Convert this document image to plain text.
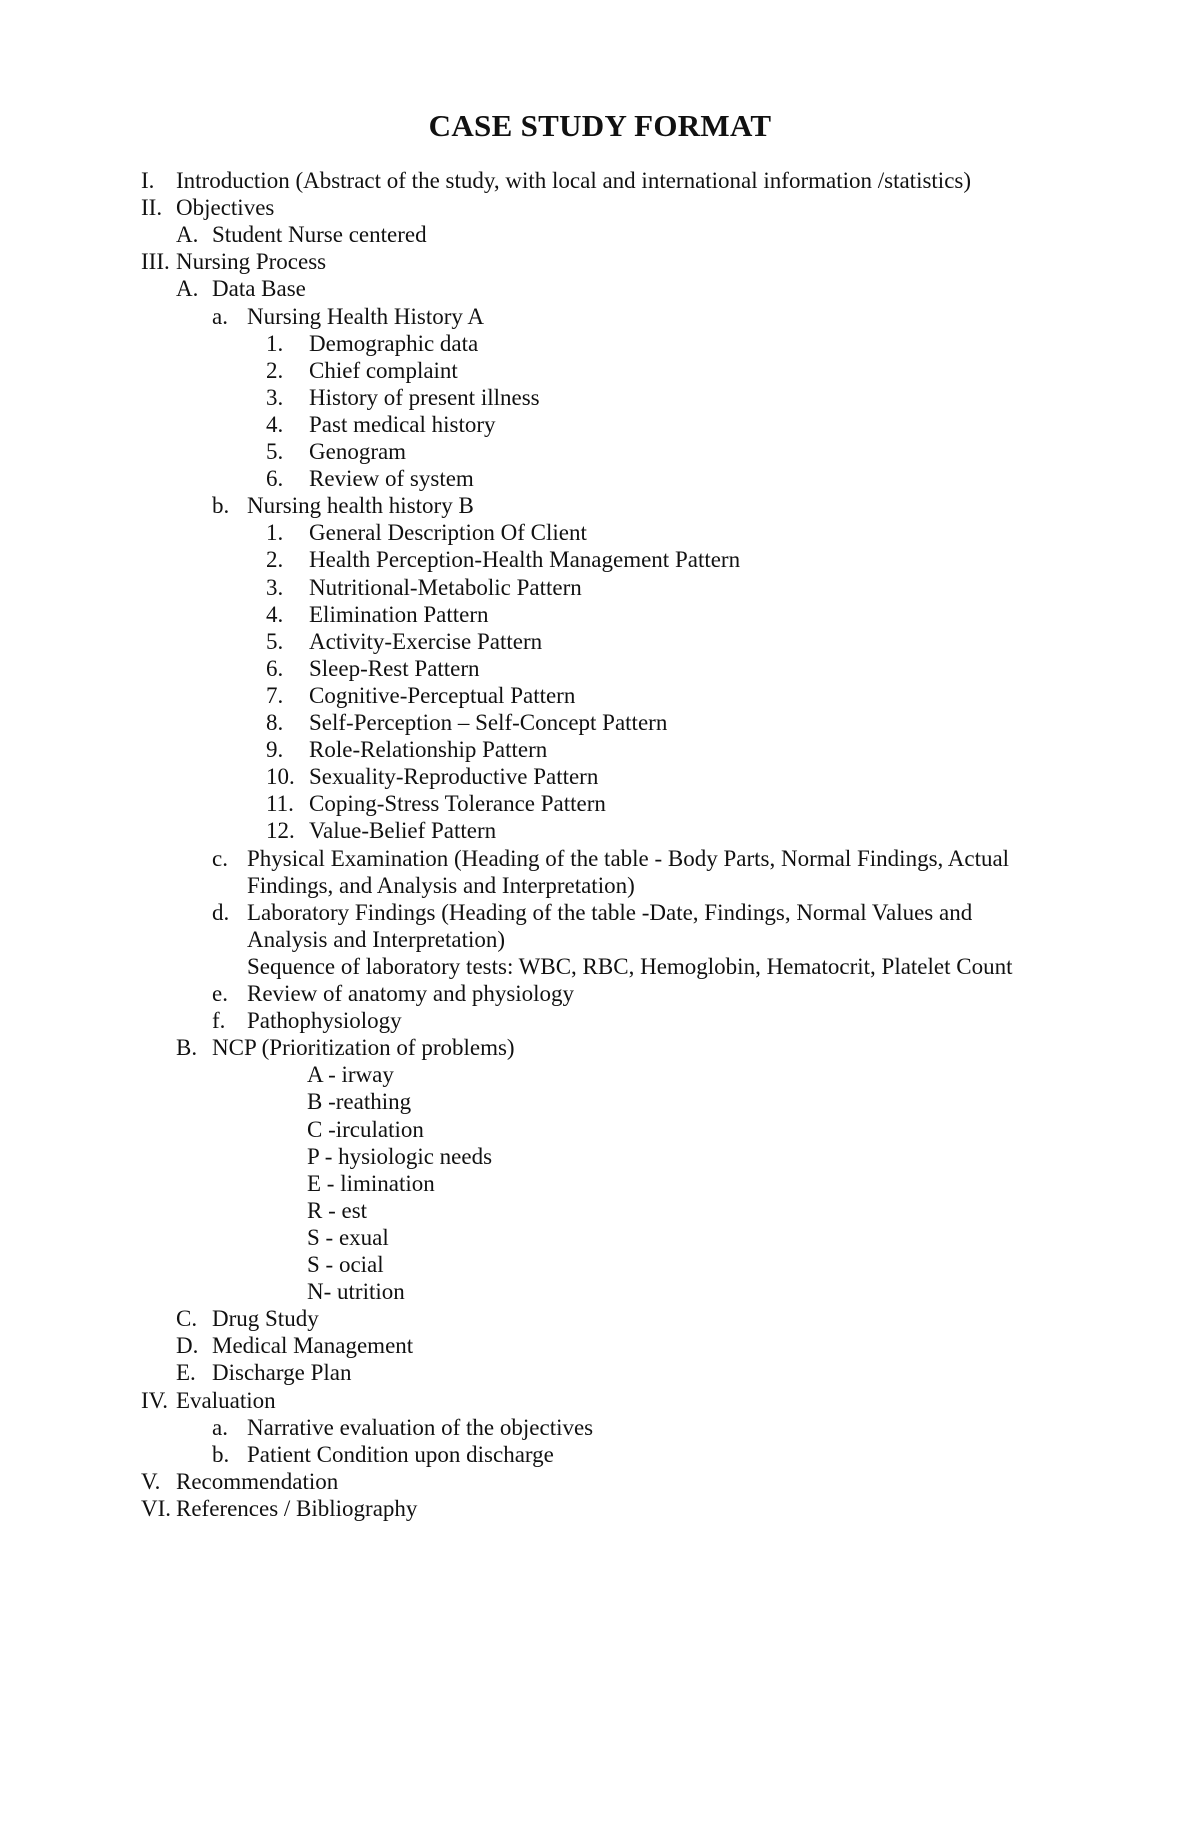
CASE STUDY FORMAT
I. Introduction (Abstract of the study, with local and international information /statistics)
II. Objectives
A. Student Nurse centered
III. Nursing Process
A. Data Base
a. Nursing Health History A
1. Demographic data
2. Chief complaint
3. History of present illness
4. Past medical history
5. Genogram
6. Review of system
b. Nursing health history B
1. General Description Of Client
2. Health Perception-Health Management Pattern
3. Nutritional-Metabolic Pattern
4. Elimination Pattern
5. Activity-Exercise Pattern
6. Sleep-Rest Pattern
7. Cognitive-Perceptual Pattern
8. Self-Perception – Self-Concept Pattern
9. Role-Relationship Pattern
10. Sexuality-Reproductive Pattern
11. Coping-Stress Tolerance Pattern
12. Value-Belief Pattern
c. Physical Examination (Heading of the table - Body Parts, Normal Findings, Actual
Findings, and Analysis and Interpretation)
d. Laboratory Findings (Heading of the table -Date, Findings, Normal Values and
Analysis and Interpretation)
Sequence of laboratory tests: WBC, RBC, Hemoglobin, Hematocrit, Platelet Count
e. Review of anatomy and physiology
f. Pathophysiology
B. NCP (Prioritization of problems)
A - irway
B -reathing
C -irculation
P - hysiologic needs
E - limination
R - est
S - exual
S - ocial
N- utrition
C. Drug Study
D. Medical Management
E. Discharge Plan
IV. Evaluation
a. Narrative evaluation of the objectives
b. Patient Condition upon discharge
V. Recommendation
VI. References / Bibliography
